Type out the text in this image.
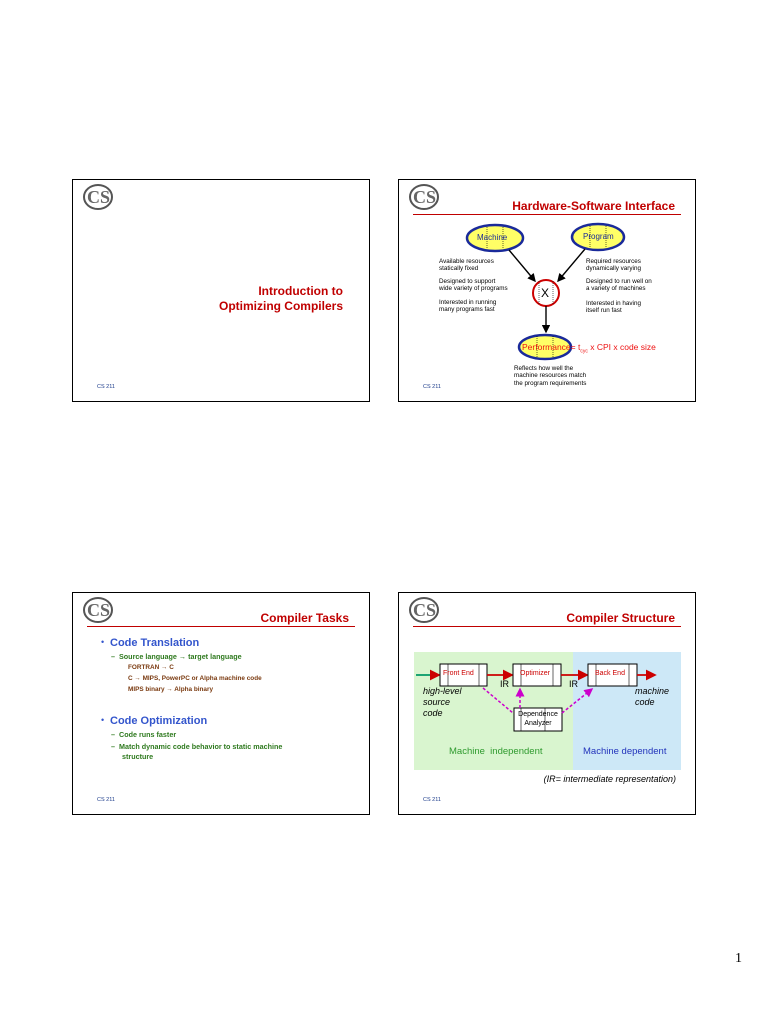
CS
Introduction to
Optimizing Compilers
CS 211
CS	Hardware-Software Interface
Machine	Program
X
Available resources
statically fixed
Designed to support
wide variety of programs
Interested in running
many programs fast
Required resources
dynamically varying
Designed to run well on
a variety of machines
Interested in having
itself run fast
Performance= $t_{cyc}$ x CPI x code size
Reflects how well the
machine resources match
the program requirements
CS 211
CS	Compiler Tasks
• Code Translation
–  Source language → target language
FORTRAN → C
C → MIPS, PowerPC or Alpha machine code
MIPS binary → Alpha binary
• Code Optimization
–  Code runs faster
–  Match dynamic code behavior to static machine
structure
CS 211
CS	Compiler Structure
Front End	Optimizer	Back End
IR	IR
Dependence
Analyzer
high-level
source
code
machine
code
Machine  independent	Machine dependent
(IR= intermediate representation)
CS 211
1
